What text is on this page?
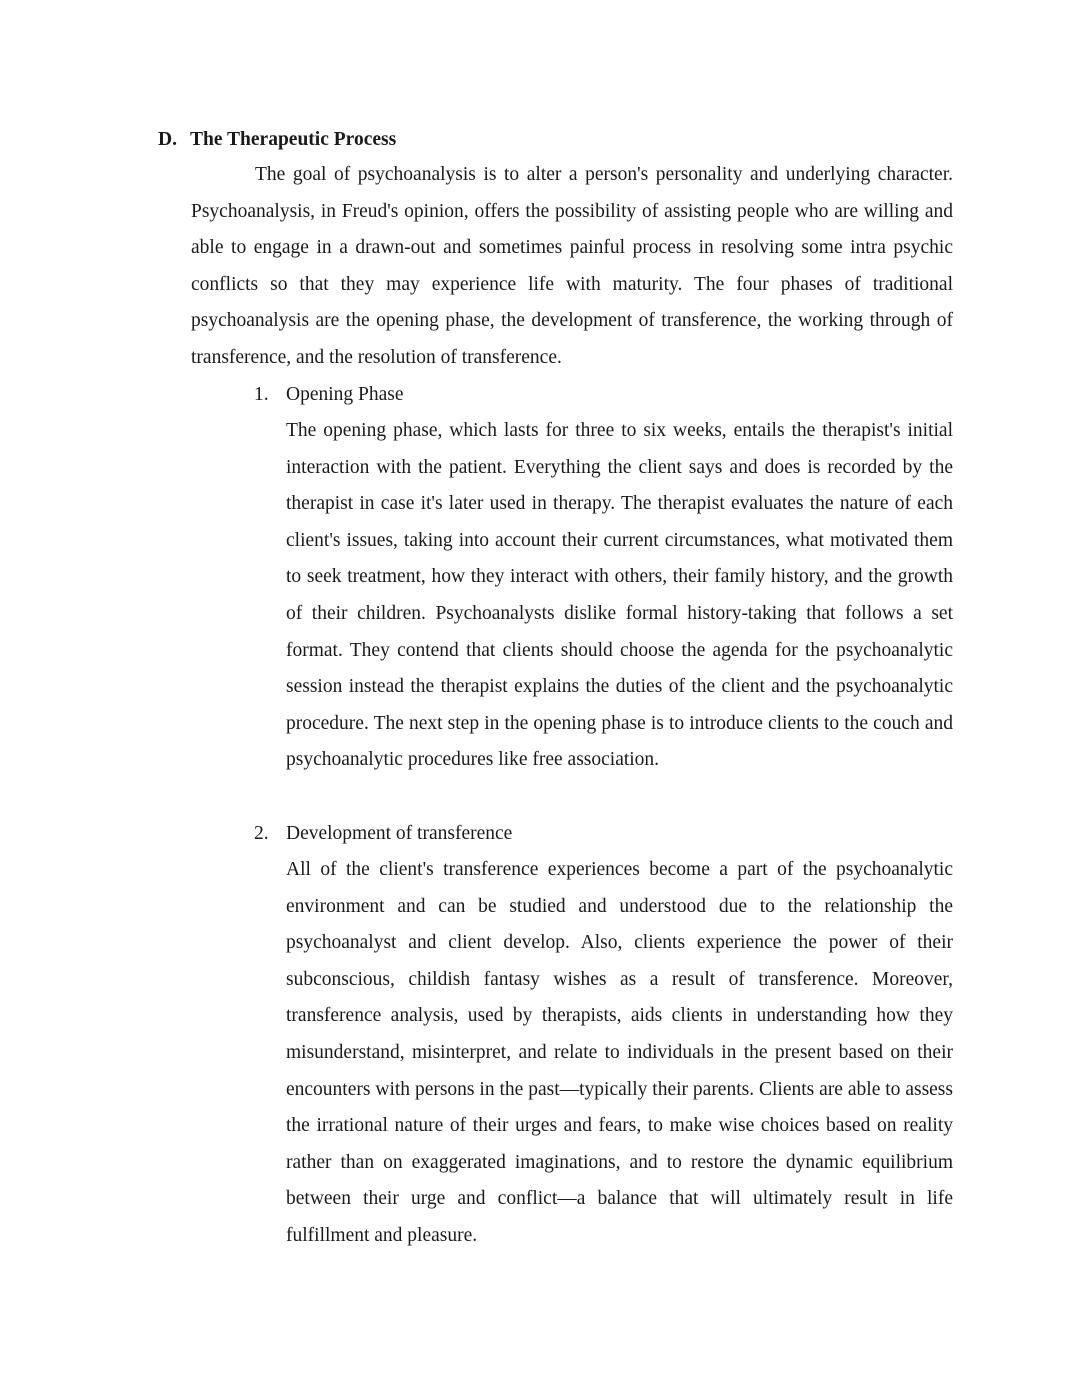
D. The Therapeutic Process

The goal of psychoanalysis is to alter a person's personality and underlying character. Psychoanalysis, in Freud's opinion, offers the possibility of assisting people who are willing and able to engage in a drawn-out and sometimes painful process in resolving some intra psychic conflicts so that they may experience life with maturity. The four phases of traditional psychoanalysis are the opening phase, the development of transference, the working through of transference, and the resolution of transference.

1. Opening Phase

The opening phase, which lasts for three to six weeks, entails the therapist's initial interaction with the patient. Everything the client says and does is recorded by the therapist in case it's later used in therapy. The therapist evaluates the nature of each client's issues, taking into account their current circumstances, what motivated them to seek treatment, how they interact with others, their family history, and the growth of their children. Psychoanalysts dislike formal history-taking that follows a set format. They contend that clients should choose the agenda for the psychoanalytic session instead the therapist explains the duties of the client and the psychoanalytic procedure. The next step in the opening phase is to introduce clients to the couch and psychoanalytic procedures like free association.

2. Development of transference

All of the client's transference experiences become a part of the psychoanalytic environment and can be studied and understood due to the relationship the psychoanalyst and client develop. Also, clients experience the power of their subconscious, childish fantasy wishes as a result of transference. Moreover, transference analysis, used by therapists, aids clients in understanding how they misunderstand, misinterpret, and relate to individuals in the present based on their encounters with persons in the past—typically their parents. Clients are able to assess the irrational nature of their urges and fears, to make wise choices based on reality rather than on exaggerated imaginations, and to restore the dynamic equilibrium between their urge and conflict—a balance that will ultimately result in life fulfillment and pleasure.
